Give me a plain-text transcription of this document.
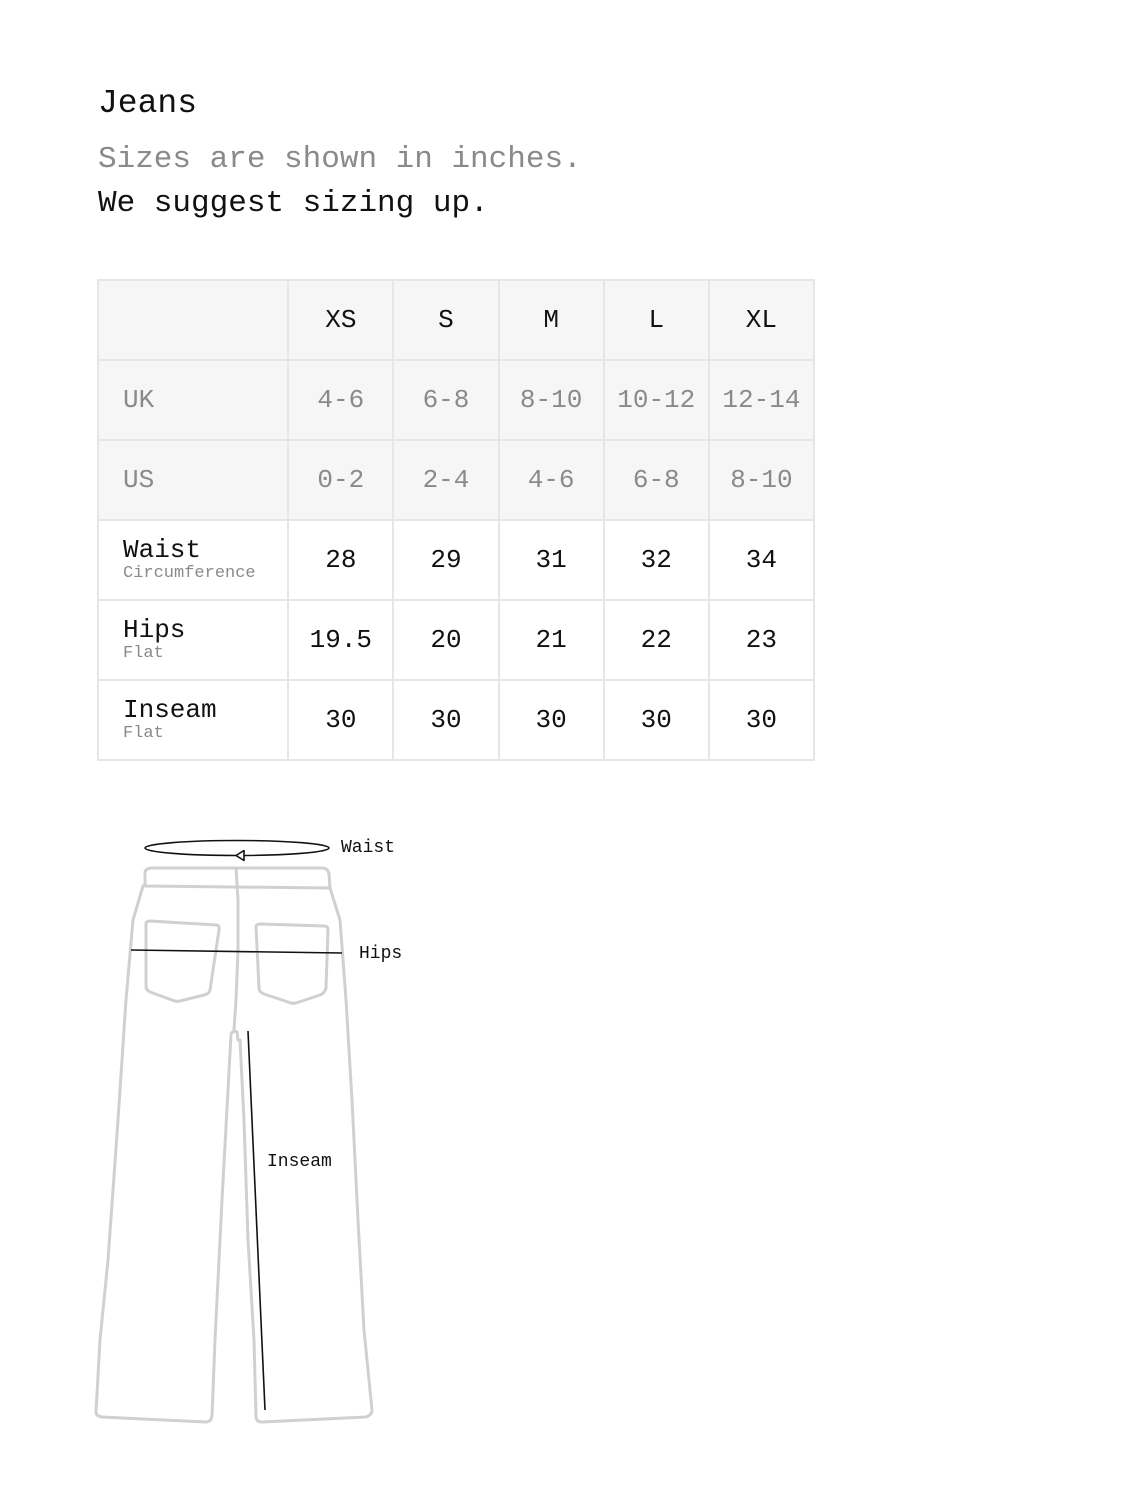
Jeans
Sizes are shown in inches.
We suggest sizing up.
	XS	S	M	L	XL
UK	4-6	6-8	8-10	10-12	12-14
US	0-2	2-4	4-6	6-8	8-10

Waist
Circumference	28	29	31	32	34

Hips
Flat	19.5	20	21	22	23

Inseam
Flat	30	30	30	30	30
Waist
Hips
Inseam
